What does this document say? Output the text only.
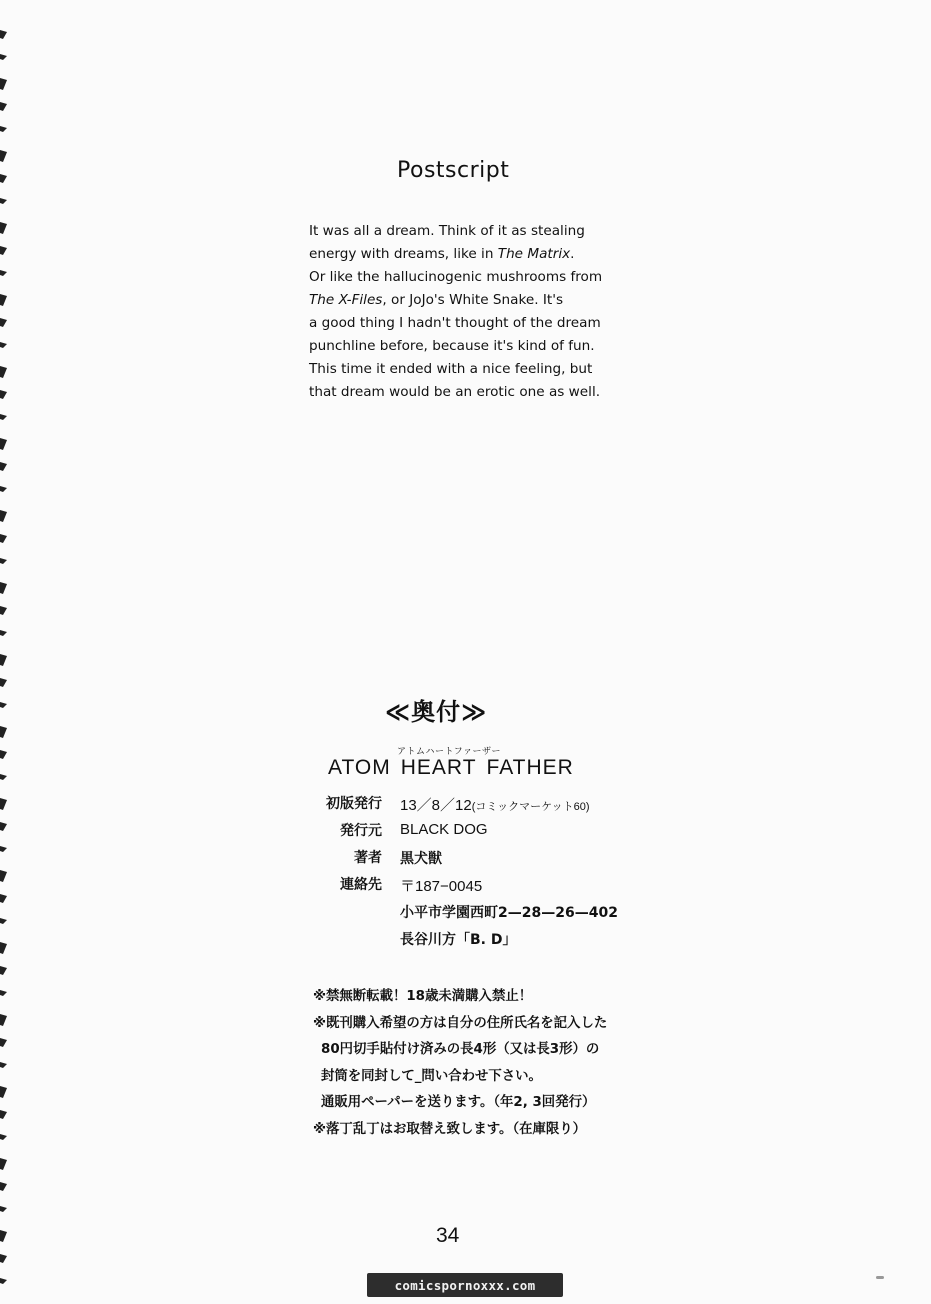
Postscript
It was all a dream. Think of it as stealing
energy with dreams, like in The Matrix.
Or like the hallucinogenic mushrooms from
The X-Files, or JoJo's White Snake. It's
a good thing I hadn't thought of the dream
punchline before, because it's kind of fun.
This time it ended with a nice feeling, but
that dream would be an erotic one as well.
≪奥付≫
アトムハートファーザー
ATOM HEART FATHER
初版発行 13／8／12(コミックマーケット60)
発行元 BLACK DOG
著者 黒犬獣
連絡先 〒187−0045
小平市学園西町2—28—26—402
長谷川方「B. D」
※禁無断転載！18歳未満購入禁止！
※既刊購入希望の方は自分の住所氏名を記入した
80円切手貼付け済みの長4形（又は長3形）の
封筒を同封して_問い合わせ下さい。
通販用ペーパーを送ります。（年2, 3回発行）
※落丁乱丁はお取替え致します。（在庫限り）
34
comicspornoxxx.com
